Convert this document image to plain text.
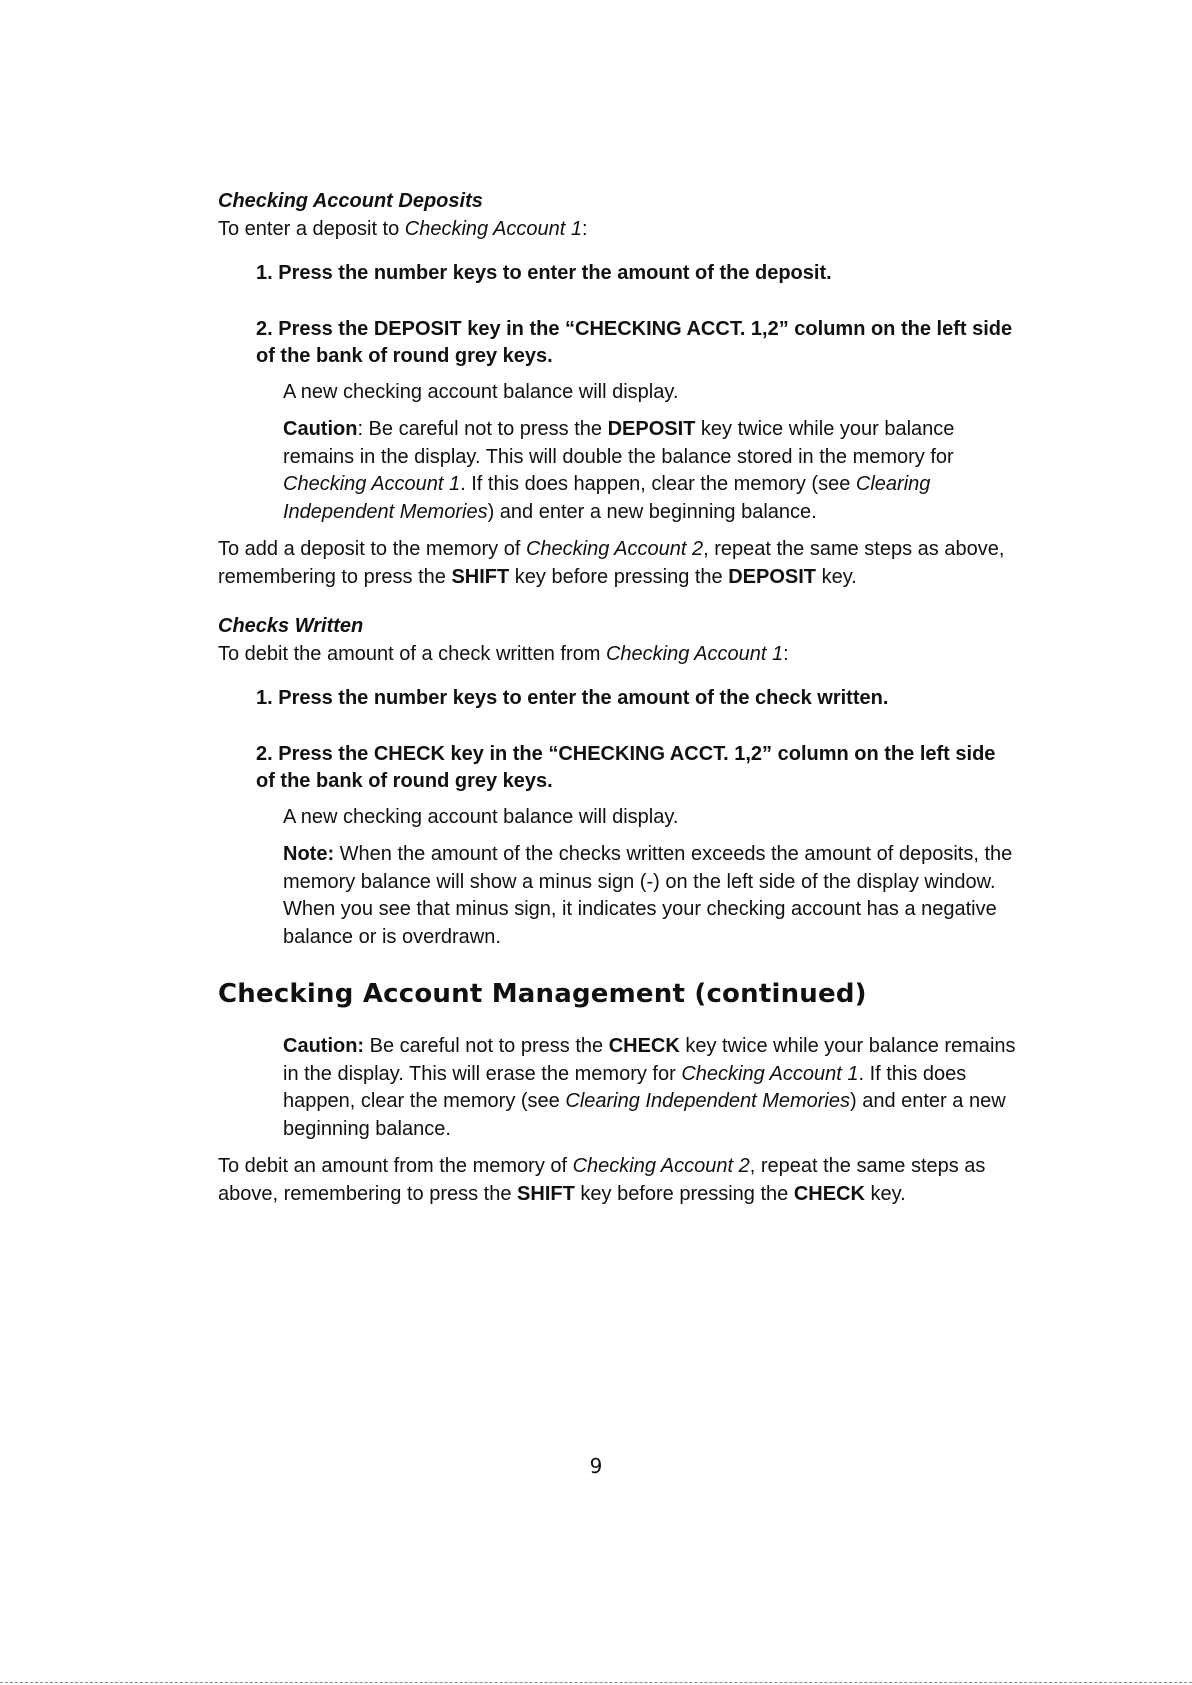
Checking Account Deposits

To enter a deposit to Checking Account 1:

1. Press the number keys to enter the amount of the deposit.

2. Press the DEPOSIT key in the “CHECKING ACCT. 1,2” column on the left side of the bank of round grey keys.

A new checking account balance will display.

Caution: Be careful not to press the DEPOSIT key twice while your balance remains in the display. This will double the balance stored in the memory for Checking Account 1. If this does happen, clear the memory (see Clearing Independent Memories) and enter a new beginning balance.

To add a deposit to the memory of Checking Account 2, repeat the same steps as above, remembering to press the SHIFT key before pressing the DEPOSIT key.

Checks Written

To debit the amount of a check written from Checking Account 1:

1. Press the number keys to enter the amount of the check written.

2. Press the CHECK key in the “CHECKING ACCT. 1,2” column on the left side of the bank of round grey keys.

A new checking account balance will display.

Note: When the amount of the checks written exceeds the amount of deposits, the memory balance will show a minus sign (-) on the left side of the display window. When you see that minus sign, it indicates your checking account has a negative balance or is overdrawn.

Checking Account Management (continued)

Caution: Be careful not to press the CHECK key twice while your balance remains in the display. This will erase the memory for Checking Account 1. If this does happen, clear the memory (see Clearing Independent Memories) and enter a new beginning balance.

To debit an amount from the memory of Checking Account 2, repeat the same steps as above, remembering to press the SHIFT key before pressing the CHECK key.

9
